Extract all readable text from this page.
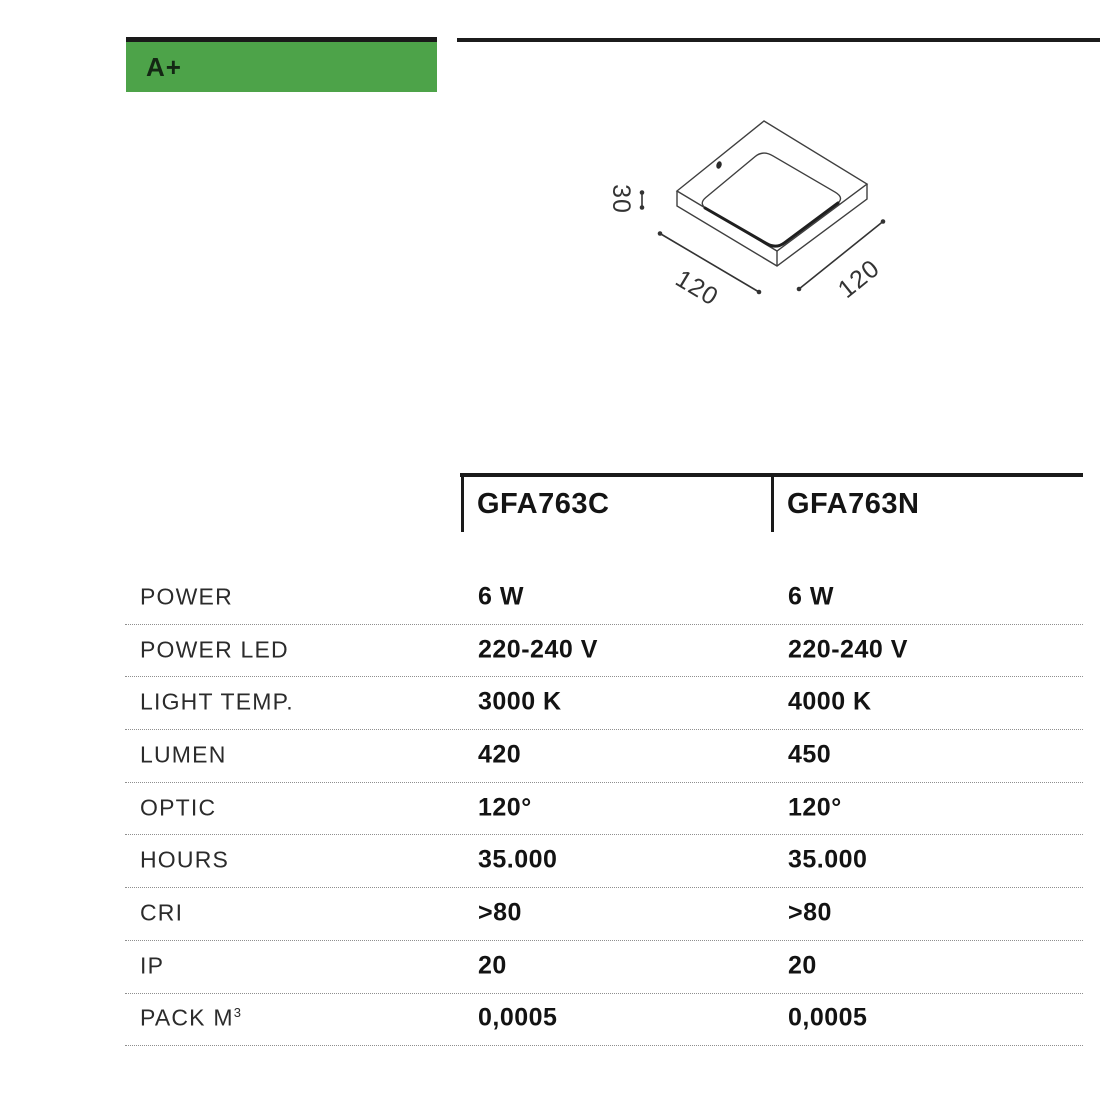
A+
30
120	120
GFA763C	GFA763N
POWER	6 W	6 W
POWER LED	220-240 V	220-240 V
LIGHT TEMP.	3000 K	4000 K
LUMEN	420	450
OPTIC	120°	120°
HOURS	35.000	35.000
CRI	>80	>80
IP	20	20
PACK $M^3$	0,0005	0,0005
